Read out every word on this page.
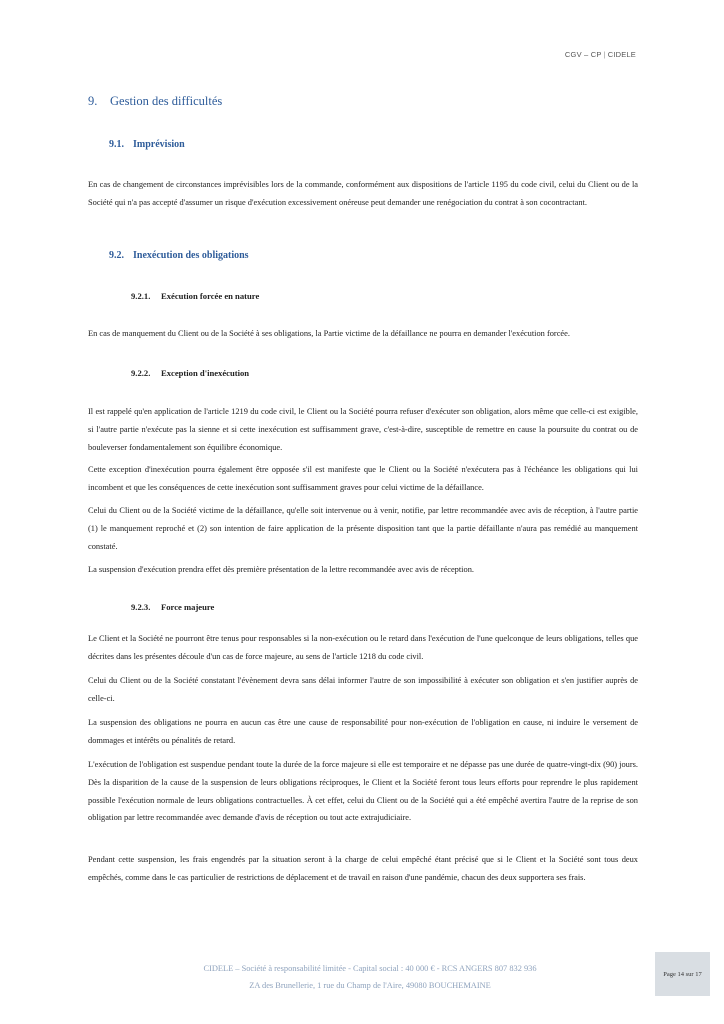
CGV – CP | CIDELE
9. Gestion des difficultés
9.1. Imprévision

En cas de changement de circonstances imprévisibles lors de la commande, conformément aux dispositions de l'article 1195 du code civil, celui du Client ou de la Société qui n'a pas accepté d'assumer un risque d'exécution excessivement onéreuse peut demander une renégociation du contrat à son cocontractant.

9.2. Inexécution des obligations
9.2.1. Exécution forcée en nature

En cas de manquement du Client ou de la Société à ses obligations, la Partie victime de la défaillance ne pourra en demander l'exécution forcée.

9.2.2. Exception d'inexécution

Il est rappelé qu'en application de l'article 1219 du code civil, le Client ou la Société pourra refuser d'exécuter son obligation, alors même que celle-ci est exigible, si l'autre partie n'exécute pas la sienne et si cette inexécution est suffisamment grave, c'est-à-dire, susceptible de remettre en cause la poursuite du contrat ou de bouleverser fondamentalement son équilibre économique.

Cette exception d'inexécution pourra également être opposée s'il est manifeste que le Client ou la Société n'exécutera pas à l'échéance les obligations qui lui incombent et que les conséquences de cette inexécution sont suffisamment graves pour celui victime de la défaillance.

Celui du Client ou de la Société victime de la défaillance, qu'elle soit intervenue ou à venir, notifie, par lettre recommandée avec avis de réception, à l'autre partie (1) le manquement reproché et (2) son intention de faire application de la présente disposition tant que la partie défaillante n'aura pas remédié au manquement constaté.

La suspension d'exécution prendra effet dès première présentation de la lettre recommandée avec avis de réception.

9.2.3. Force majeure

Le Client et la Société ne pourront être tenus pour responsables si la non-exécution ou le retard dans l'exécution de l'une quelconque de leurs obligations, telles que décrites dans les présentes découle d'un cas de force majeure, au sens de l'article 1218 du code civil.

Celui du Client ou de la Société constatant l'évènement devra sans délai informer l'autre de son impossibilité à exécuter son obligation et s'en justifier auprès de celle-ci.

La suspension des obligations ne pourra en aucun cas être une cause de responsabilité pour non-exécution de l'obligation en cause, ni induire le versement de dommages et intérêts ou pénalités de retard.

L'exécution de l'obligation est suspendue pendant toute la durée de la force majeure si elle est temporaire et ne dépasse pas une durée de quatre-vingt-dix (90) jours. Dès la disparition de la cause de la suspension de leurs obligations réciproques, le Client et la Société feront tous leurs efforts pour reprendre le plus rapidement possible l'exécution normale de leurs obligations contractuelles. À cet effet, celui du Client ou de la Société qui a été empêché avertira l'autre de la reprise de son obligation par lettre recommandée avec demande d'avis de réception ou tout acte extrajudiciaire.

Pendant cette suspension, les frais engendrés par la situation seront à la charge de celui empêché étant précisé que si le Client et la Société sont tous deux empêchés, comme dans le cas particulier de restrictions de déplacement et de travail en raison d'une pandémie, chacun des deux supportera ses frais.

CIDELE – Société à responsabilité limitée - Capital social : 40 000 € - RCS ANGERS 807 832 936
ZA des Brunellerie, 1 rue du Champ de l'Aire, 49080 BOUCHEMAINE
Page 14 sur 17
